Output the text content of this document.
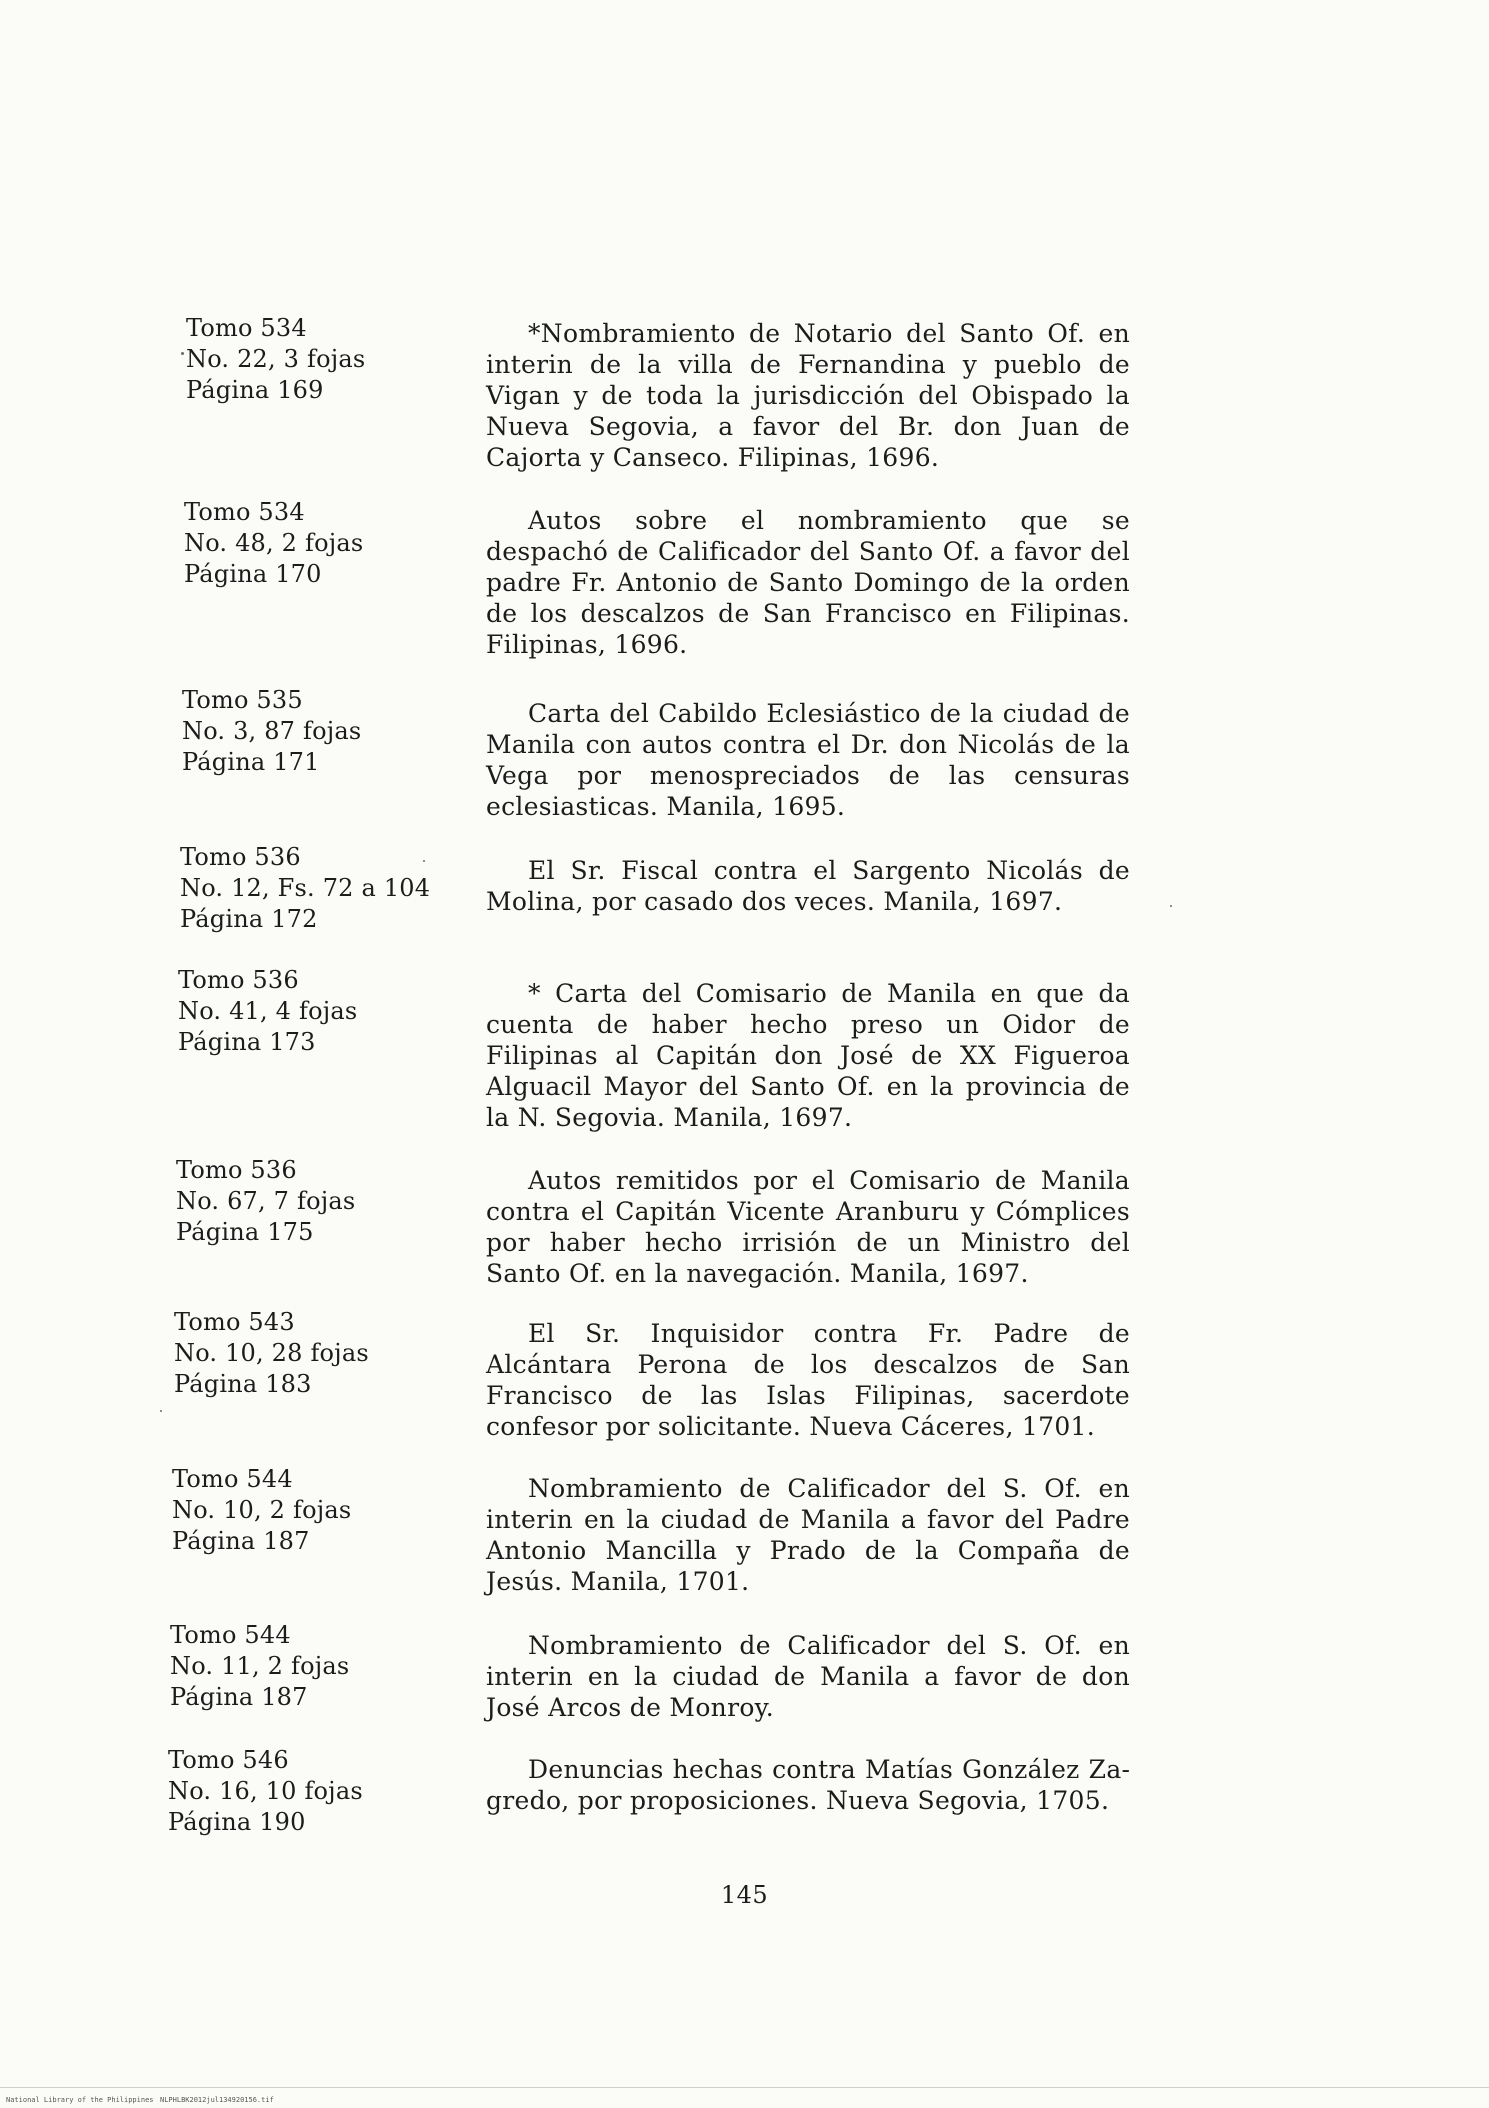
Tomo 534
No. 22, 3 fojas
Página 169
*Nombramiento de Notario del Santo Of. en interin de la villa de Fernandina y pueblo de Vigan y de toda la jurisdicción del Obispado la Nueva Segovia, a favor del Br. don Juan de Cajorta y Canseco. Filipinas, 1696.
Tomo 534
No. 48, 2 fojas
Página 170
Autos sobre el nombramiento que se despachó de Calificador del Santo Of. a favor del padre Fr. Antonio de Santo Domingo de la orden de los descalzos de San Francisco en Filipinas. Filipinas, 1696.
Tomo 535
No. 3, 87 fojas
Página 171
Carta del Cabildo Eclesiástico de la ciudad de Manila con autos contra el Dr. don Nicolás de la Vega por menospreciados de las censuras eclesiasticas. Manila, 1695.
Tomo 536
No. 12, Fs. 72 a 104
Página 172
El Sr. Fiscal contra el Sargento Nicolás de Molina, por casado dos veces. Manila, 1697.
Tomo 536
No. 41, 4 fojas
Página 173
* Carta del Comisario de Manila en que da cuenta de haber hecho preso un Oidor de Filipinas al Capitán don José de XX Figueroa Alguacil Mayor del Santo Of. en la provincia de la N. Segovia. Manila, 1697.
Tomo 536
No. 67, 7 fojas
Página 175
Autos remitidos por el Comisario de Manila contra el Capitán Vicente Aranburu y Cómplices por haber hecho irrisión de un Ministro del Santo Of. en la navegación. Manila, 1697.
Tomo 543
No. 10, 28 fojas
Página 183
El Sr. Inquisidor contra Fr. Padre de Alcántara Perona de los descalzos de San Francisco de las Islas Filipinas, sacerdote confesor por solicitante. Nueva Cáceres, 1701.
Tomo 544
No. 10, 2 fojas
Página 187
Nombramiento de Calificador del S. Of. en interin en la ciudad de Manila a favor del Padre Antonio Mancilla y Prado de la Compaña de Jesús. Manila, 1701.
Tomo 544
No. 11, 2 fojas
Página 187
Nombramiento de Calificador del S. Of. en interin en la ciudad de Manila a favor de don José Arcos de Monroy.
Tomo 546
No. 16, 10 fojas
Página 190
Denuncias hechas contra Matías González Zagredo, por proposiciones. Nueva Segovia, 1705.
145
National Library of the Philippines NLPHLBK2012jul134920156.tif
